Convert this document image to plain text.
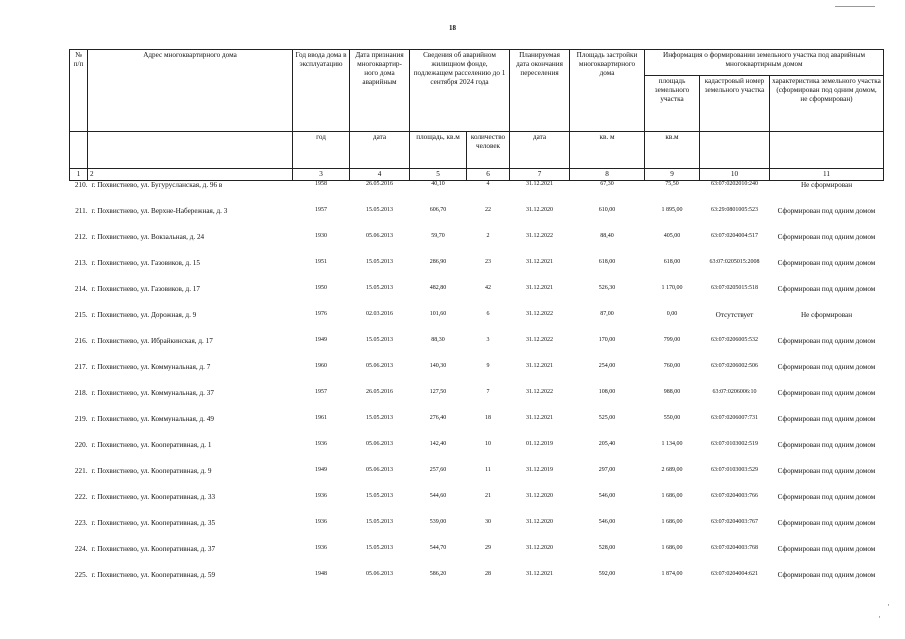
18
№ п/п	Адрес многоквартирного дома	Год ввода дома в эксплуатацию	Дата признания многоквартир-ного дома аварийным	Сведения об аварийном жилищном фонде, подлежащем расселению до 1 сентября 2024 года		Планируемая дата окончания переселения	Площадь застройки многоквартирного дома	Информация о формировании земельного участка под аварийным многоквартирным домом		
								площадь земельного участка	кадастровый номер земельного участка	характеристика земельного участка (сформирован под одним домом, не сформирован)
		год	дата	площадь, кв.м	количество человек	дата	кв. м	кв.м		
1	2	3	4	5	6	7	8	9	10	11
210.	г. Похвистнево, ул. Бугурусланская, д. 96 в	1958	26.05.2016	40,10	4	31.12.2021	67,30	75,50	63:07:0202010:240	Не сформирован
211.	г. Похвистнево, ул. Верхне-Набережная, д. 3	1957	15.05.2013	606,70	22	31.12.2020	610,00	1 895,00	63:29:0801005:523	Сформирован под одним домом
212.	г. Похвистнево, ул. Вокзальная, д. 24	1930	05.06.2013	59,70	2	31.12.2022	88,40	405,00	63:07:0204004:517	Сформирован под одним домом
213.	г. Похвистнево, ул. Газовиков, д. 15	1951	15.05.2013	286,90	23	31.12.2021	618,00	618,00	63:07:0205015:2008	Сформирован под одним домом
214.	г. Похвистнево, ул. Газовиков, д. 17	1950	15.05.2013	482,80	42	31.12.2021	526,30	1 170,00	63:07:0205015:518	Сформирован под одним домом
215.	г. Похвистнево, ул. Дорожная, д. 9	1976	02.03.2016	101,60	6	31.12.2022	87,00	0,00	Отсутствует	Не сформирован
216.	г. Похвистнево, ул. Ибрайкинская, д. 17	1949	15.05.2013	88,30	3	31.12.2022	170,00	799,00	63:07:0206005:532	Сформирован под одним домом
217.	г. Похвистнево, ул. Коммунальная, д. 7	1960	05.06.2013	140,30	9	31.12.2021	254,00	760,00	63:07:0206002:506	Сформирован под одним домом
218.	г. Похвистнево, ул. Коммунальная, д. 37	1957	26.05.2016	127,50	7	31.12.2022	108,00	988,00	63:07:0206006:10	Сформирован под одним домом
219.	г. Похвистнево, ул. Коммунальная, д. 49	1961	15.05.2013	276,40	18	31.12.2021	525,00	550,00	63:07:0206007:731	Сформирован под одним домом
220.	г. Похвистнево, ул. Кооперативная, д. 1	1936	05.06.2013	142,40	10	01.12.2019	205,40	1 134,00	63:07:0103002:519	Сформирован под одним домом
221.	г. Похвистнево, ул. Кооперативная, д. 9	1949	05.06.2013	257,60	11	31.12.2019	297,00	2 689,00	63:07:0103003:529	Сформирован под одним домом
222.	г. Похвистнево, ул. Кооперативная, д. 33	1936	15.05.2013	544,60	21	31.12.2020	546,00	1 686,00	63:07:0204003:766	Сформирован под одним домом
223.	г. Похвистнево, ул. Кооперативная, д. 35	1936	15.05.2013	539,00	30	31.12.2020	546,00	1 686,00	63:07:0204003:767	Сформирован под одним домом
224.	г. Похвистнево, ул. Кооперативная, д. 37	1936	15.05.2013	544,70	29	31.12.2020	528,00	1 686,00	63:07:0204003:768	Сформирован под одним домом
225.	г. Похвистнево, ул. Кооперативная, д. 59	1948	05.06.2013	586,20	28	31.12.2021	592,00	1 874,00	63:07:0204004:621	Сформирован под одним домом
·
·
